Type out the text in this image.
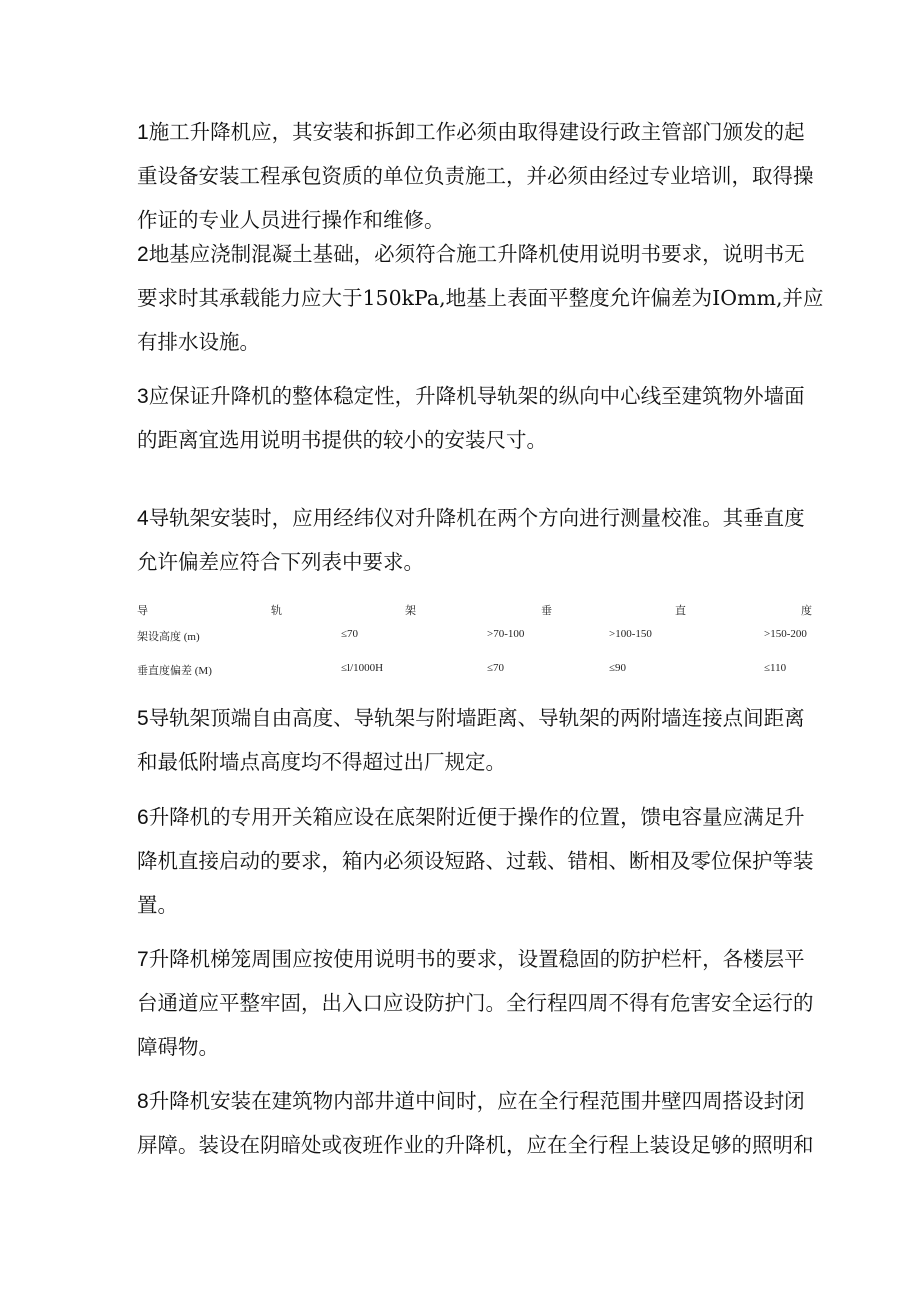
1施工升降机应，其安装和拆卸工作必须由取得建设行政主管部门颁发的起
重设备安装工程承包资质的单位负责施工，并必须由经过专业培训，取得操
作证的专业人员进行操作和维修。
2地基应浇制混凝土基础，必须符合施工升降机使用说明书要求，说明书无
要求时其承载能力应大于150kPa,地基上表面平整度允许偏差为IOmm,并应
有排水设施。
3应保证升降机的整体稳定性，升降机导轨架的纵向中心线至建筑物外墙面
的距离宜选用说明书提供的较小的安装尺寸。
4导轨架安装时，应用经纬仪对升降机在两个方向进行测量校准。其垂直度
允许偏差应符合下列表中要求。
导	轨	架	垂	直	度
架设高度 (m)	≤70	>70-100	>100-150	>150-200
垂直度偏差 (M)	≤l/1000H	≤70	≤90	≤110
5导轨架顶端自由高度、导轨架与附墙距离、导轨架的两附墙连接点间距离
和最低附墙点高度均不得超过出厂规定。
6升降机的专用开关箱应设在底架附近便于操作的位置，馈电容量应满足升
降机直接启动的要求，箱内必须设短路、过载、错相、断相及零位保护等装
置。
7升降机梯笼周围应按使用说明书的要求，设置稳固的防护栏杆，各楼层平
台通道应平整牢固，出入口应设防护门。全行程四周不得有危害安全运行的
障碍物。
8升降机安装在建筑物内部井道中间时，应在全行程范围井壁四周搭设封闭
屏障。装设在阴暗处或夜班作业的升降机，应在全行程上装设足够的照明和
